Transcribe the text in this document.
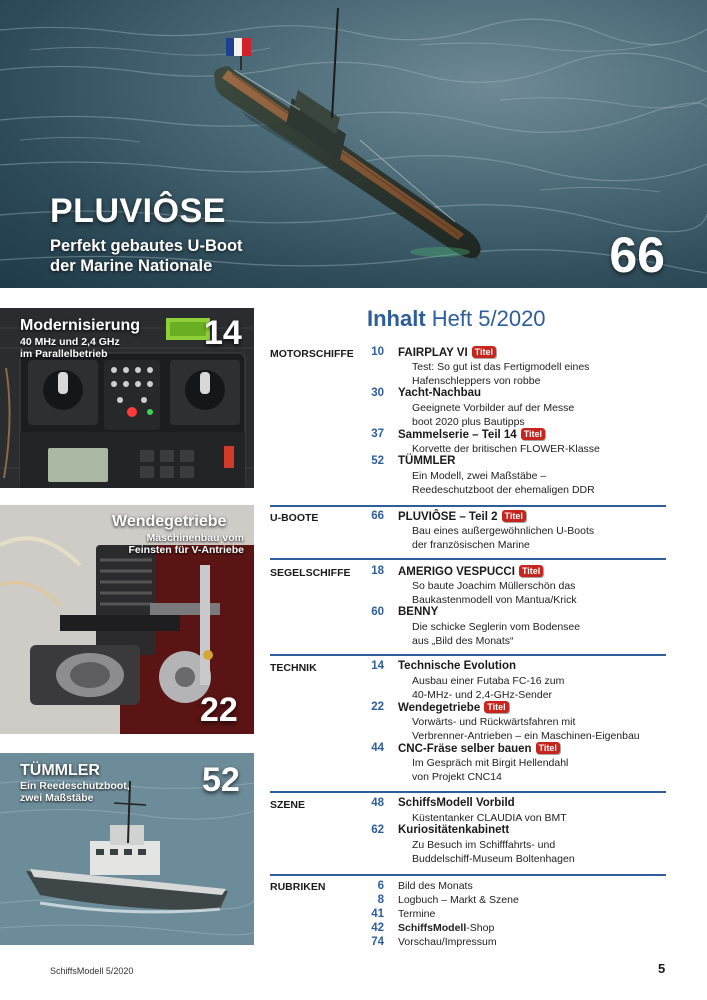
PLUVIÔSE
Perfekt gebautes U-Boot
der Marine Nationale	66
Modernisierung
40 MHz und 2,4 GHz
im Parallelbetrieb
14
Wendegetriebe
Maschinenbau vom
Feinsten für V-Antriebe
22
TÜMMLER
Ein Reedeschutzboot,
zwei Maßstäbe	52
Inhalt Heft 5/2020
MOTORSCHIFFE	10 FAIRPLAY VI Titel
Test: So gut ist das Fertigmodell eines
Hafenschleppers von robbe
30 Yacht-Nachbau
Geeignete Vorbilder auf der Messe
boot 2020 plus Bautipps
37 Sammelserie – Teil 14 Titel
Korvette der britischen FLOWER-Klasse
52 TÜMMLER
Ein Modell, zwei Maßstäbe –
Reedeschutzboot der ehemaligen DDR
U-BOOTE	66 PLUVIÔSE – Teil 2 Titel
Bau eines außergewöhnlichen U-Boots
der französischen Marine
SEGELSCHIFFE	18 AMERIGO VESPUCCI Titel
So baute Joachim Müllerschön das
Baukastenmodell von Mantua/Krick
60 BENNY
Die schicke Seglerin vom Bodensee
aus „Bild des Monats“
TECHNIK	14 Technische Evolution
Ausbau einer Futaba FC-16 zum
40-MHz- und 2,4-GHz-Sender
22 Wendegetriebe Titel
Vorwärts- und Rückwärtsfahren mit
Verbrenner-Antrieben – ein Maschinen-Eigenbau
44 CNC-Fräse selber bauen Titel
Im Gespräch mit Birgit Hellendahl
von Projekt CNC14
SZENE	48 SchiffsModell Vorbild
Küstentanker CLAUDIA von BMT
62 Kuriositätenkabinett
Zu Besuch im Schifffahrts- und
Buddelschiff-Museum Boltenhagen
RUBRIKEN	6 Bild des Monats
8 Logbuch – Markt & Szene
41 Termine
42 SchiffsModell-Shop
74 Vorschau/Impressum
SchiffsModell 5/2020	5
